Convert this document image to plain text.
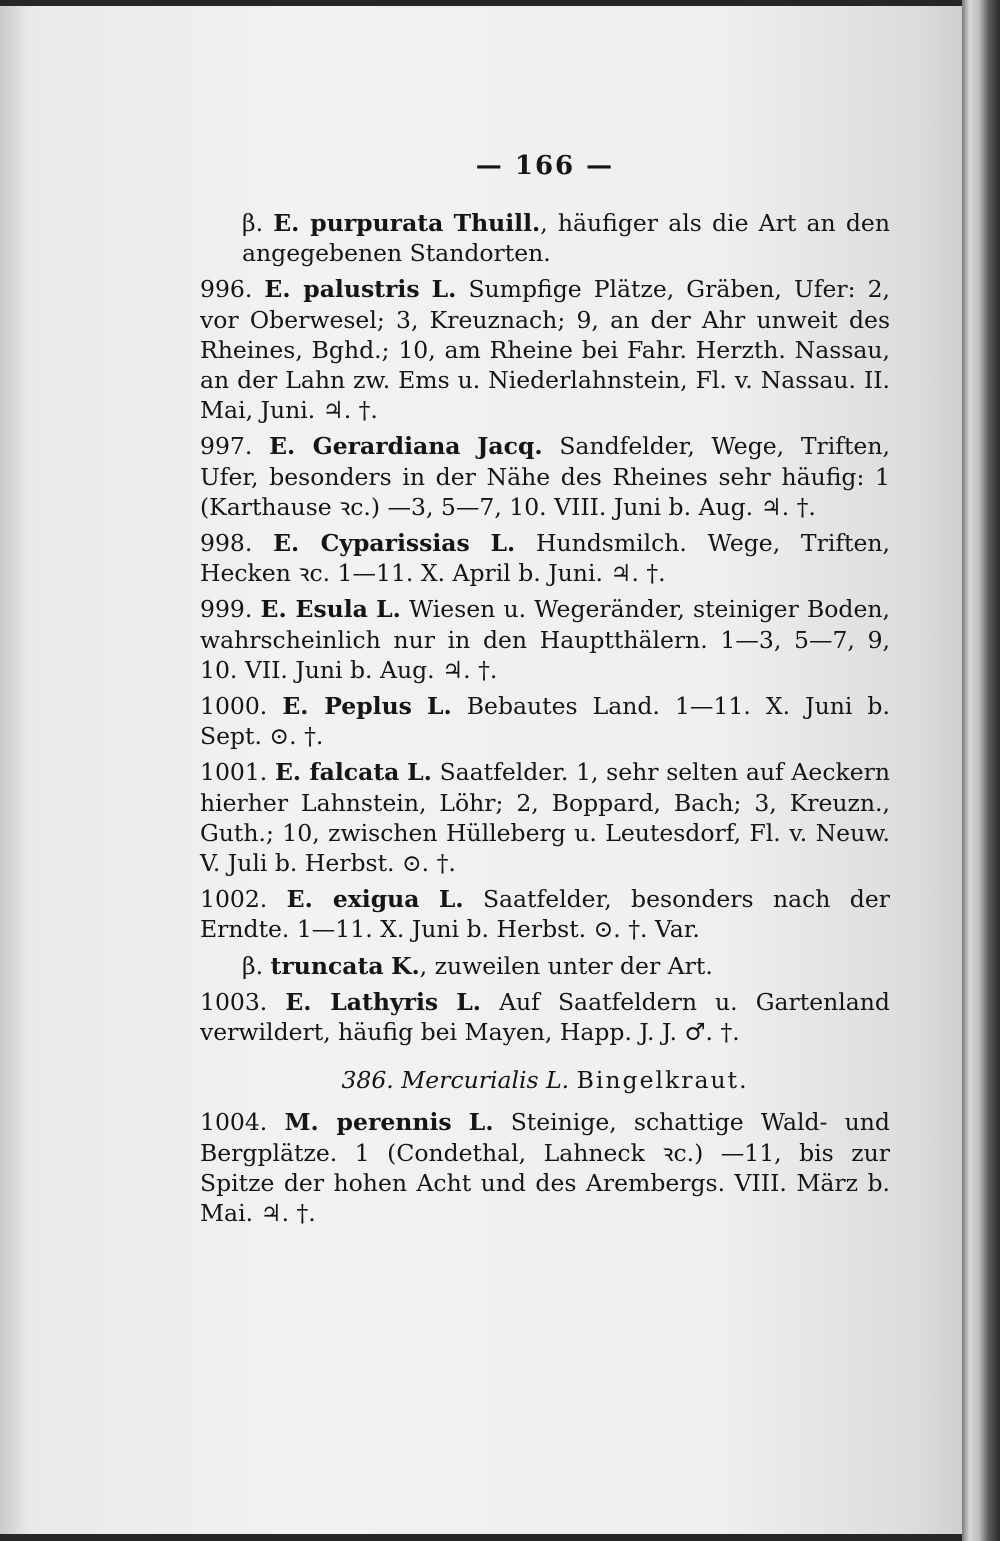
— 166 —
β. E. purpurata Thuill., häufiger als die Art an den angegebenen Standorten.
996. E. palustris L. Sumpfige Plätze, Gräben, Ufer: 2, vor Oberwesel; 3, Kreuznach; 9, an der Ahr unweit des Rheines, Bghd.; 10, am Rheine bei Fahr. Herzth. Nassau, an der Lahn zw. Ems u. Niederlahnstein, Fl. v. Nassau. II. Mai, Juni. ♃. †.
997. E. Gerardiana Jacq. Sandfelder, Wege, Triften, Ufer, besonders in der Nähe des Rheines sehr häufig: 1 (Karthause ꝛc.) —3, 5—7, 10. VIII. Juni b. Aug. ♃. †.
998. E. Cyparissias L. Hundsmilch. Wege, Triften, Hecken ꝛc. 1—11. X. April b. Juni. ♃. †.
999. E. Esula L. Wiesen u. Wegeränder, steiniger Boden, wahrscheinlich nur in den Hauptthälern. 1—3, 5—7, 9, 10. VII. Juni b. Aug. ♃. †.
1000. E. Peplus L. Bebautes Land. 1—11. X. Juni b. Sept. ⊙. †.
1001. E. falcata L. Saatfelder. 1, sehr selten auf Aeckern hierher Lahnstein, Löhr; 2, Boppard, Bach; 3, Kreuzn., Guth.; 10, zwischen Hülleberg u. Leutesdorf, Fl. v. Neuw. V. Juli b. Herbst. ⊙. †.
1002. E. exigua L. Saatfelder, besonders nach der Erndte. 1—11. X. Juni b. Herbst. ⊙. †. Var.
β. truncata K., zuweilen unter der Art.
1003. E. Lathyris L. Auf Saatfeldern u. Gartenland verwildert, häufig bei Mayen, Happ. J. J. ♂. †.
386. Mercurialis L. Bingelkraut.
1004. M. perennis L. Steinige, schattige Wald- und Bergplätze. 1 (Condethal, Lahneck ꝛc.) —11, bis zur Spitze der hohen Acht und des Arembergs. VIII. März b. Mai. ♃. †.
